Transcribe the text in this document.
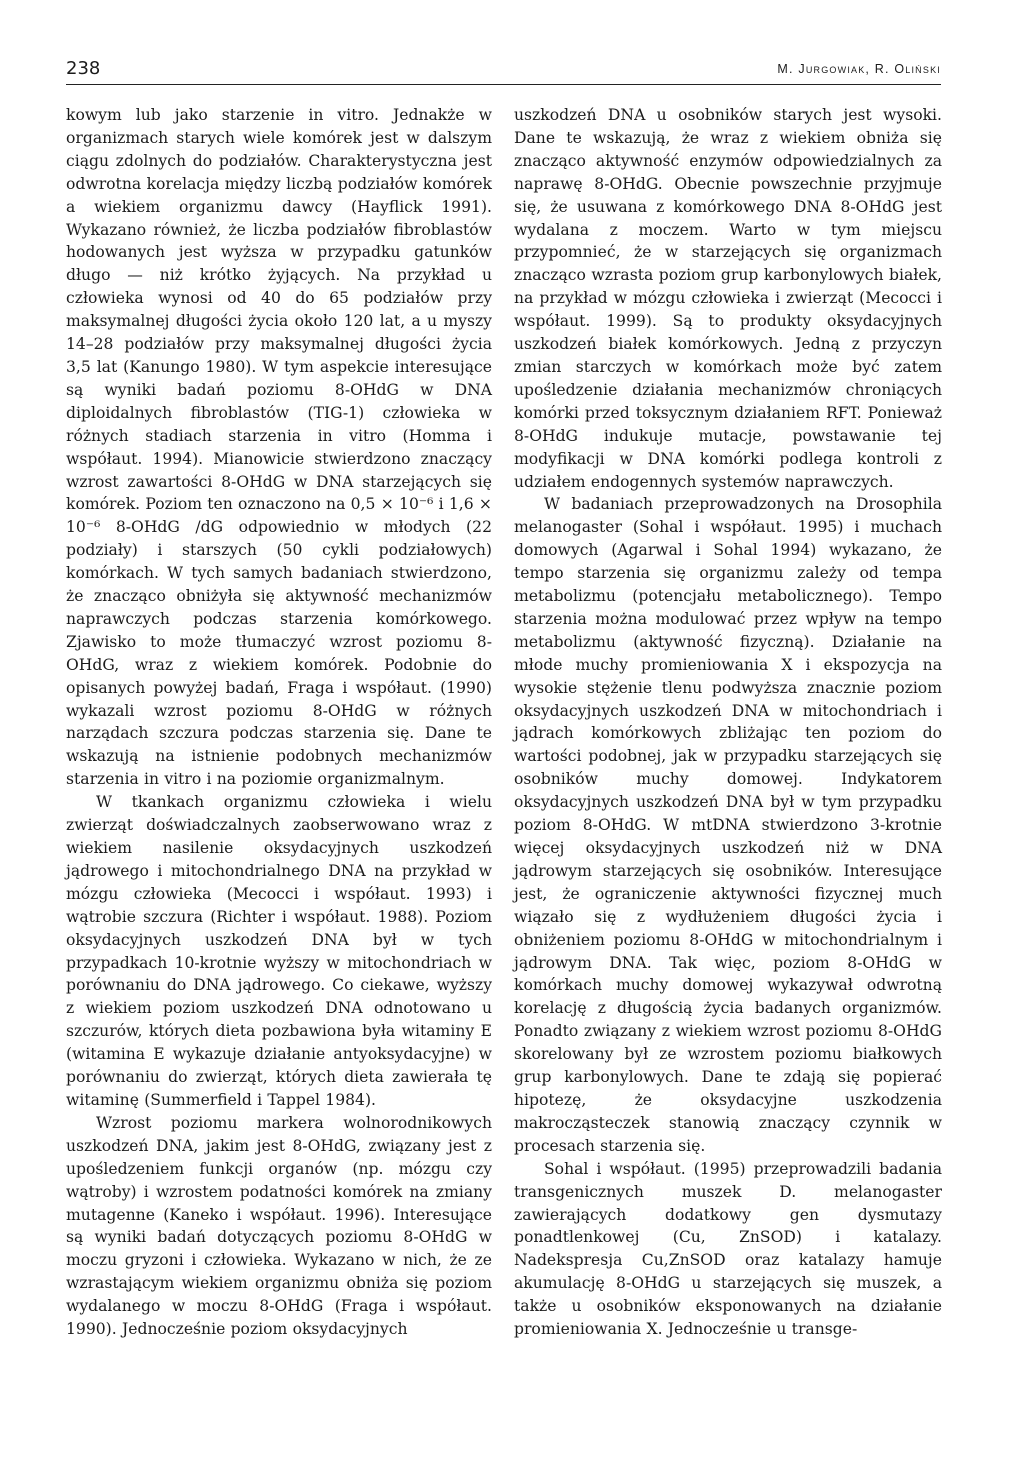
238	M. Jurgowiak, R. Oliński

kowym lub jako starzenie in vitro. Jednakże w organizmach starych wiele komórek jest w dalszym ciągu zdolnych do podziałów. Charakterystyczna jest odwrotna korelacja między liczbą podziałów komórek a wiekiem organizmu dawcy (Hayflick 1991). Wykazano również, że liczba podziałów fibroblastów hodowanych jest wyższa w przypadku gatunków długo — niż krótko żyjących. Na przykład u człowieka wynosi od 40 do 65 podziałów przy maksymalnej długości życia około 120 lat, a u myszy 14–28 podziałów przy maksymalnej długości życia 3,5 lat (Kanungo 1980). W tym aspekcie interesujące są wyniki badań poziomu 8-OHdG w DNA diploidalnych fibroblastów (TIG-1) człowieka w różnych stadiach starzenia in vitro (Homma i współaut. 1994). Mianowicie stwierdzono znaczący wzrost zawartości 8-OHdG w DNA starzejących się komórek. Poziom ten oznaczono na 0,5 × 10⁻⁶ i 1,6 × 10⁻⁶ 8-OHdG /dG odpowiednio w młodych (22 podziały) i starszych (50 cykli podziałowych) komórkach. W tych samych badaniach stwierdzono, że znacząco obniżyła się aktywność mechanizmów naprawczych podczas starzenia komórkowego. Zjawisko to może tłumaczyć wzrost poziomu 8-OHdG, wraz z wiekiem komórek. Podobnie do opisanych powyżej badań, Fraga i współaut. (1990) wykazali wzrost poziomu 8-OHdG w różnych narządach szczura podczas starzenia się. Dane te wskazują na istnienie podobnych mechanizmów starzenia in vitro i na poziomie organizmalnym.

W tkankach organizmu człowieka i wielu zwierząt doświadczalnych zaobserwowano wraz z wiekiem nasilenie oksydacyjnych uszkodzeń jądrowego i mitochondrialnego DNA na przykład w mózgu człowieka (Mecocci i współaut. 1993) i wątrobie szczura (Richter i współaut. 1988). Poziom oksydacyjnych uszkodzeń DNA był w tych przypadkach 10-krotnie wyższy w mitochondriach w porównaniu do DNA jądrowego. Co ciekawe, wyższy z wiekiem poziom uszkodzeń DNA odnotowano u szczurów, których dieta pozbawiona była witaminy E (witamina E wykazuje działanie antyoksydacyjne) w porównaniu do zwierząt, których dieta zawierała tę witaminę (Summerfield i Tappel 1984).

Wzrost poziomu markera wolnorodnikowych uszkodzeń DNA, jakim jest 8-OHdG, związany jest z upośledzeniem funkcji organów (np. mózgu czy wątroby) i wzrostem podatności komórek na zmiany mutagenne (Kaneko i współaut. 1996). Interesujące są wyniki badań dotyczących poziomu 8-OHdG w moczu gryzoni i człowieka. Wykazano w nich, że ze wzrastającym wiekiem organizmu obniża się poziom wydalanego w moczu 8-OHdG (Fraga i współaut. 1990). Jednocześnie poziom oksydacyjnych

uszkodzeń DNA u osobników starych jest wysoki. Dane te wskazują, że wraz z wiekiem obniża się znacząco aktywność enzymów odpowiedzialnych za naprawę 8-OHdG. Obecnie powszechnie przyjmuje się, że usuwana z komórkowego DNA 8-OHdG jest wydalana z moczem. Warto w tym miejscu przypomnieć, że w starzejących się organizmach znacząco wzrasta poziom grup karbonylowych białek, na przykład w mózgu człowieka i zwierząt (Mecocci i współaut. 1999). Są to produkty oksydacyjnych uszkodzeń białek komórkowych. Jedną z przyczyn zmian starczych w komórkach może być zatem upośledzenie działania mechanizmów chroniących komórki przed toksycznym działaniem RFT. Ponieważ 8-OHdG indukuje mutacje, powstawanie tej modyfikacji w DNA komórki podlega kontroli z udziałem endogennych systemów naprawczych.

W badaniach przeprowadzonych na Drosophila melanogaster (Sohal i współaut. 1995) i muchach domowych (Agarwal i Sohal 1994) wykazano, że tempo starzenia się organizmu zależy od tempa metabolizmu (potencjału metabolicznego). Tempo starzenia można modulować przez wpływ na tempo metabolizmu (aktywność fizyczną). Działanie na młode muchy promieniowania X i ekspozycja na wysokie stężenie tlenu podwyższa znacznie poziom oksydacyjnych uszkodzeń DNA w mitochondriach i jądrach komórkowych zbliżając ten poziom do wartości podobnej, jak w przypadku starzejących się osobników muchy domowej. Indykatorem oksydacyjnych uszkodzeń DNA był w tym przypadku poziom 8-OHdG. W mtDNA stwierdzono 3-krotnie więcej oksydacyjnych uszkodzeń niż w DNA jądrowym starzejących się osobników. Interesujące jest, że ograniczenie aktywności fizycznej much wiązało się z wydłużeniem długości życia i obniżeniem poziomu 8-OHdG w mitochondrialnym i jądrowym DNA. Tak więc, poziom 8-OHdG w komórkach muchy domowej wykazywał odwrotną korelację z długością życia badanych organizmów. Ponadto związany z wiekiem wzrost poziomu 8-OHdG skorelowany był ze wzrostem poziomu białkowych grup karbonylowych. Dane te zdają się popierać hipotezę, że oksydacyjne uszkodzenia makrocząsteczek stanowią znaczący czynnik w procesach starzenia się.

Sohal i współaut. (1995) przeprowadzili badania transgenicznych muszek D. melanogaster zawierających dodatkowy gen dysmutazy ponadtlenkowej (Cu, ZnSOD) i katalazy. Nadekspresja Cu,ZnSOD oraz katalazy hamuje akumulację 8-OHdG u starzejących się muszek, a także u osobników eksponowanych na działanie promieniowania X. Jednocześnie u transge-
